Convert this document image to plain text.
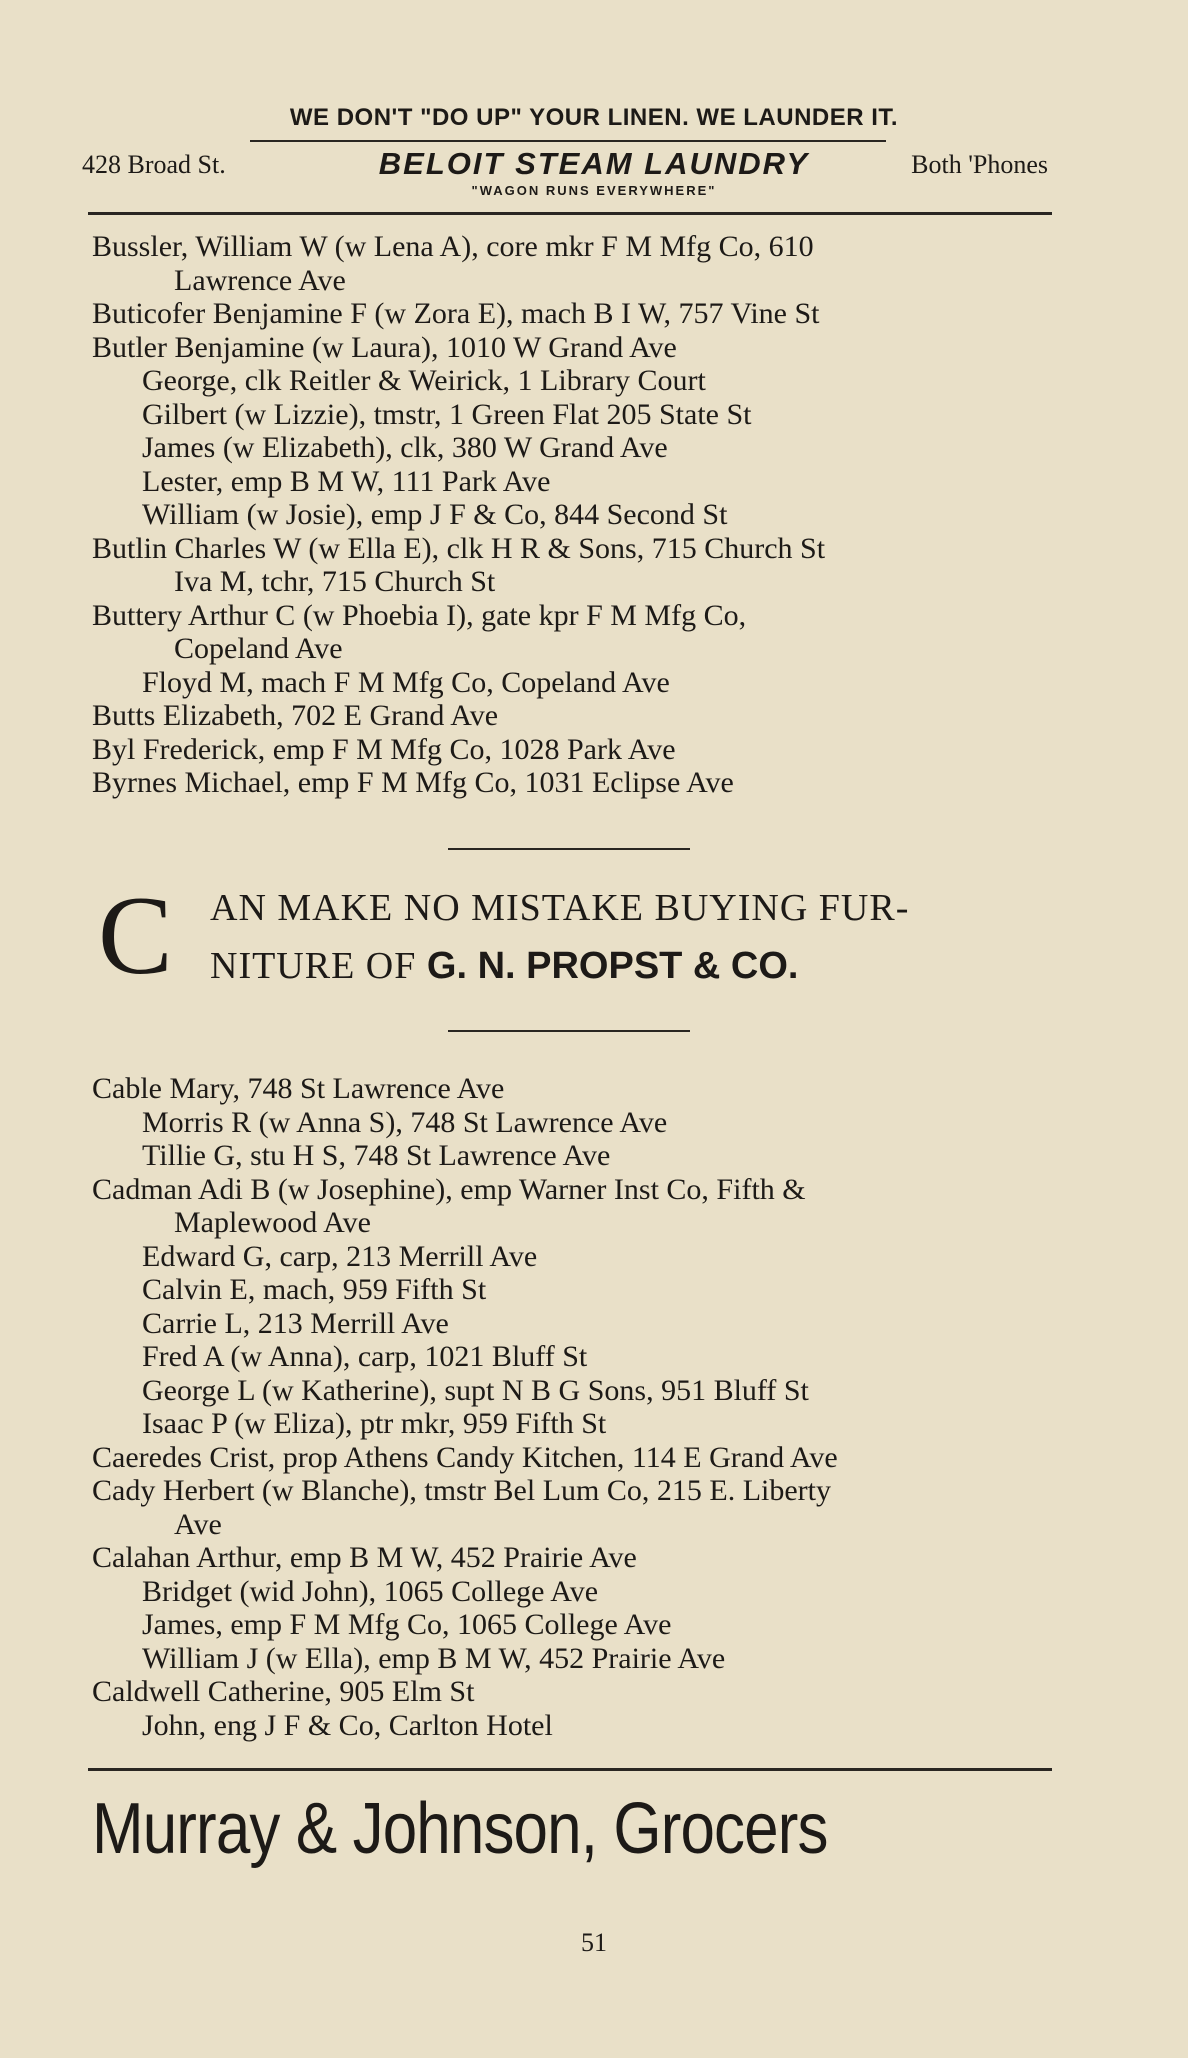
WE DON'T "DO UP" YOUR LINEN. WE LAUNDER IT.
428 Broad St.	BELOIT STEAM LAUNDRY
"WAGON RUNS EVERYWHERE"
Both 'Phones
Bussler, William W (w Lena A), core mkr F M Mfg Co, 610
Lawrence Ave
Buticofer Benjamine F (w Zora E), mach B I W, 757 Vine St
Butler Benjamine (w Laura), 1010 W Grand Ave
George, clk Reitler & Weirick, 1 Library Court
Gilbert (w Lizzie), tmstr, 1 Green Flat 205 State St
James (w Elizabeth), clk, 380 W Grand Ave
Lester, emp B M W, 111 Park Ave
William (w Josie), emp J F & Co, 844 Second St
Butlin Charles W (w Ella E), clk H R & Sons, 715 Church St
Iva M, tchr, 715 Church St
Buttery Arthur C (w Phoebia I), gate kpr F M Mfg Co,
Copeland Ave
Floyd M, mach F M Mfg Co, Copeland Ave
Butts Elizabeth, 702 E Grand Ave
Byl Frederick, emp F M Mfg Co, 1028 Park Ave
Byrnes Michael, emp F M Mfg Co, 1031 Eclipse Ave
C AN MAKE NO MISTAKE BUYING FUR-
NITURE OF G. N. PROPST & CO.
Cable Mary, 748 St Lawrence Ave
Morris R (w Anna S), 748 St Lawrence Ave
Tillie G, stu H S, 748 St Lawrence Ave
Cadman Adi B (w Josephine), emp Warner Inst Co, Fifth &
Maplewood Ave
Edward G, carp, 213 Merrill Ave
Calvin E, mach, 959 Fifth St
Carrie L, 213 Merrill Ave
Fred A (w Anna), carp, 1021 Bluff St
George L (w Katherine), supt N B G Sons, 951 Bluff St
Isaac P (w Eliza), ptr mkr, 959 Fifth St
Caeredes Crist, prop Athens Candy Kitchen, 114 E Grand Ave
Cady Herbert (w Blanche), tmstr Bel Lum Co, 215 E. Liberty
Ave
Calahan Arthur, emp B M W, 452 Prairie Ave
Bridget (wid John), 1065 College Ave
James, emp F M Mfg Co, 1065 College Ave
William J (w Ella), emp B M W, 452 Prairie Ave
Caldwell Catherine, 905 Elm St
John, eng J F & Co, Carlton Hotel
Murray & Johnson, Grocers
51
